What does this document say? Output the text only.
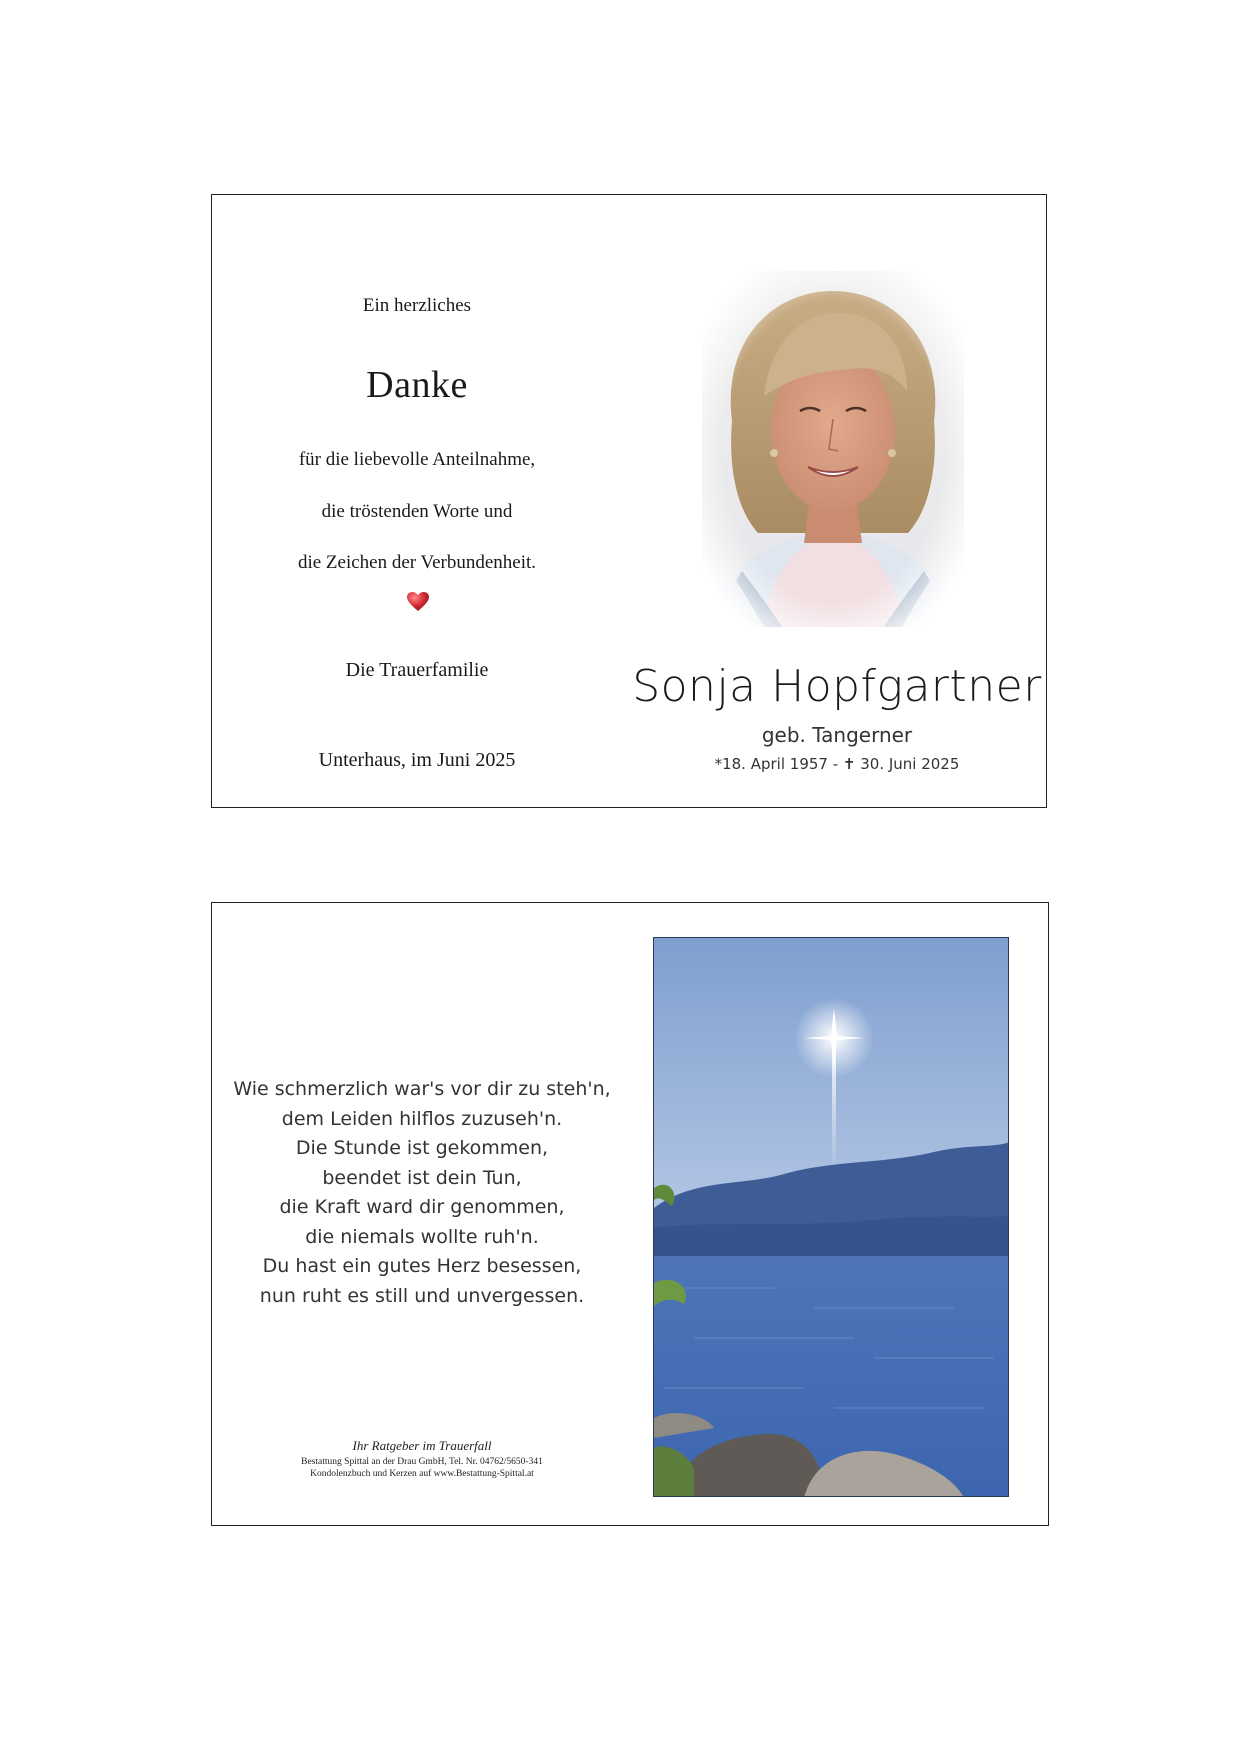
Ein herzliches
Danke
für die liebevolle Anteilnahme,
die tröstenden Worte und
die Zeichen der Verbundenheit.
Die Trauerfamilie
Unterhaus, im Juni 2025
Sonja Hopfgartner
geb. Tangerner
*18. April 1957 - ✝ 30. Juni 2025
Wie schmerzlich war's vor dir zu steh'n,
dem Leiden hilflos zuzuseh'n.
Die Stunde ist gekommen,
beendet ist dein Tun,
die Kraft ward dir genommen,
die niemals wollte ruh'n.
Du hast ein gutes Herz besessen,
nun ruht es still und unvergessen.
Ihr Ratgeber im Trauerfall
Bestattung Spittal an der Drau GmbH, Tel. Nr. 04762/5650-341
Kondolenzbuch und Kerzen auf www.Bestattung-Spittal.at
